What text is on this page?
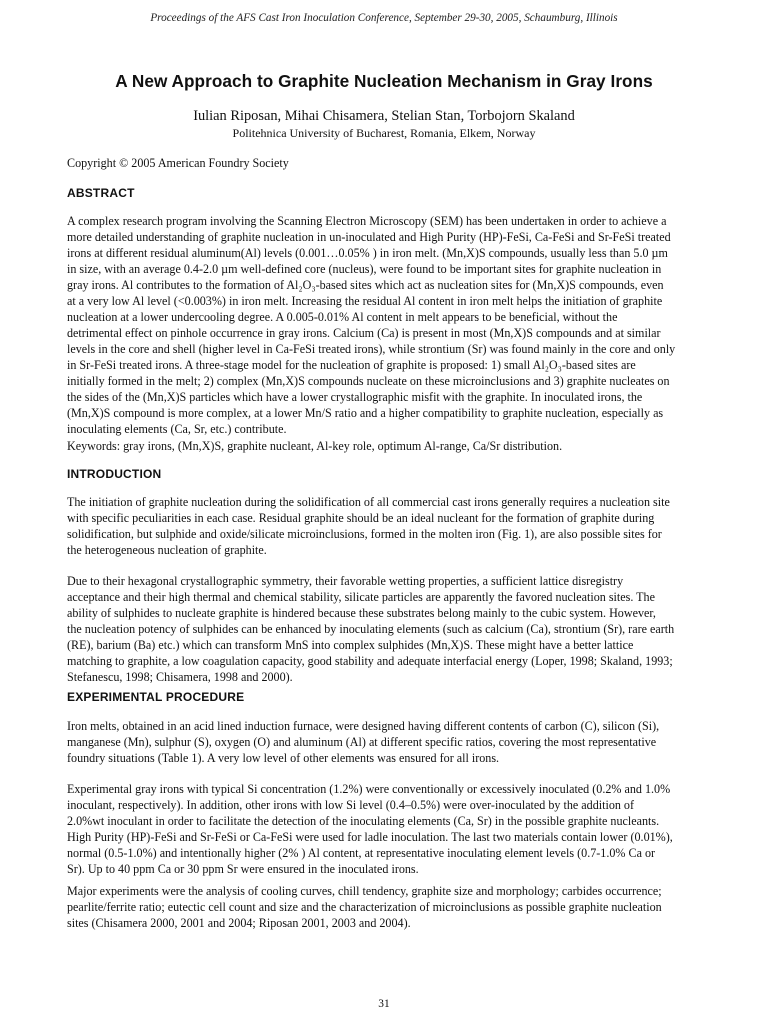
Proceedings of the AFS Cast Iron Inoculation Conference, September 29-30, 2005, Schaumburg, Illinois
A New Approach to Graphite Nucleation Mechanism in Gray Irons
Iulian Riposan, Mihai Chisamera, Stelian Stan, Torbojorn Skaland
Politehnica University of Bucharest, Romania, Elkem, Norway
Copyright © 2005 American Foundry Society
ABSTRACT
A complex research program involving the Scanning Electron Microscopy (SEM) has been undertaken in order to achieve a
more detailed understanding of graphite nucleation in un-inoculated and High Purity (HP)-FeSi, Ca-FeSi and Sr-FeSi treated
irons at different residual aluminum(Al) levels (0.001…0.05% ) in iron melt. (Mn,X)S compounds, usually less than 5.0 µm
in size, with an average 0.4-2.0 µm well-defined core (nucleus), were found to be important sites for graphite nucleation in
gray irons. Al contributes to the formation of Al₂O₃-based sites which act as nucleation sites for (Mn,X)S compounds, even
at a very low Al level (<0.003%) in iron melt. Increasing the residual Al content in iron melt helps the initiation of graphite
nucleation at a lower undercooling degree. A 0.005-0.01% Al content in melt appears to be beneficial, without the
detrimental effect on pinhole occurrence in gray irons. Calcium (Ca) is present in most (Mn,X)S compounds and at similar
levels in the core and shell (higher level in Ca-FeSi treated irons), while strontium (Sr) was found mainly in the core and only
in Sr-FeSi treated irons. A three-stage model for the nucleation of graphite is proposed: 1) small Al₂O₃-based sites are
initially formed in the melt; 2) complex (Mn,X)S compounds nucleate on these microinclusions and 3) graphite nucleates on
the sides of the (Mn,X)S particles which have a lower crystallographic misfit with the graphite. In inoculated irons, the
(Mn,X)S compound is more complex, at a lower Mn/S ratio and a higher compatibility to graphite nucleation, especially as
inoculating elements (Ca, Sr, etc.) contribute.
Keywords: gray irons, (Mn,X)S, graphite nucleant, Al-key role, optimum Al-range, Ca/Sr distribution.
INTRODUCTION
The initiation of graphite nucleation during the solidification of all commercial cast irons generally requires a nucleation site
with specific peculiarities in each case. Residual graphite should be an ideal nucleant for the formation of graphite during
solidification, but sulphide and oxide/silicate microinclusions, formed in the molten iron (Fig. 1), are also possible sites for
the heterogeneous nucleation of graphite.
Due to their hexagonal crystallographic symmetry, their favorable wetting properties, a sufficient lattice disregistry
acceptance and their high thermal and chemical stability, silicate particles are apparently the favored nucleation sites. The
ability of sulphides to nucleate graphite is hindered because these substrates belong mainly to the cubic system. However,
the nucleation potency of sulphides can be enhanced by inoculating elements (such as calcium (Ca), strontium (Sr), rare earth
(RE), barium (Ba) etc.) which can transform MnS into complex sulphides (Mn,X)S. These might have a better lattice
matching to graphite, a low coagulation capacity, good stability and adequate interfacial energy (Loper, 1998; Skaland, 1993;
Stefanescu, 1998; Chisamera, 1998 and 2000).
EXPERIMENTAL PROCEDURE
Iron melts, obtained in an acid lined induction furnace, were designed having different contents of carbon (C), silicon (Si),
manganese (Mn), sulphur (S), oxygen (O) and aluminum (Al) at different specific ratios, covering the most representative
foundry situations (Table 1). A very low level of other elements was ensured for all irons.
Experimental gray irons with typical Si concentration (1.2%) were conventionally or excessively inoculated (0.2% and 1.0%
inoculant, respectively). In addition, other irons with low Si level (0.4–0.5%) were over-inoculated by the addition of
2.0%wt inoculant in order to facilitate the detection of the inoculating elements (Ca, Sr) in the possible graphite nucleants.
High Purity (HP)-FeSi and Sr-FeSi or Ca-FeSi were used for ladle inoculation. The last two materials contain lower (0.01%),
normal (0.5-1.0%) and intentionally higher (2% ) Al content, at representative inoculating element levels (0.7-1.0% Ca or
Sr). Up to 40 ppm Ca or 30 ppm Sr were ensured in the inoculated irons.
Major experiments were the analysis of cooling curves, chill tendency, graphite size and morphology; carbides occurrence;
pearlite/ferrite ratio; eutectic cell count and size and the characterization of microinclusions as possible graphite nucleation
sites (Chisamera 2000, 2001 and 2004; Riposan 2001, 2003 and 2004).
31
